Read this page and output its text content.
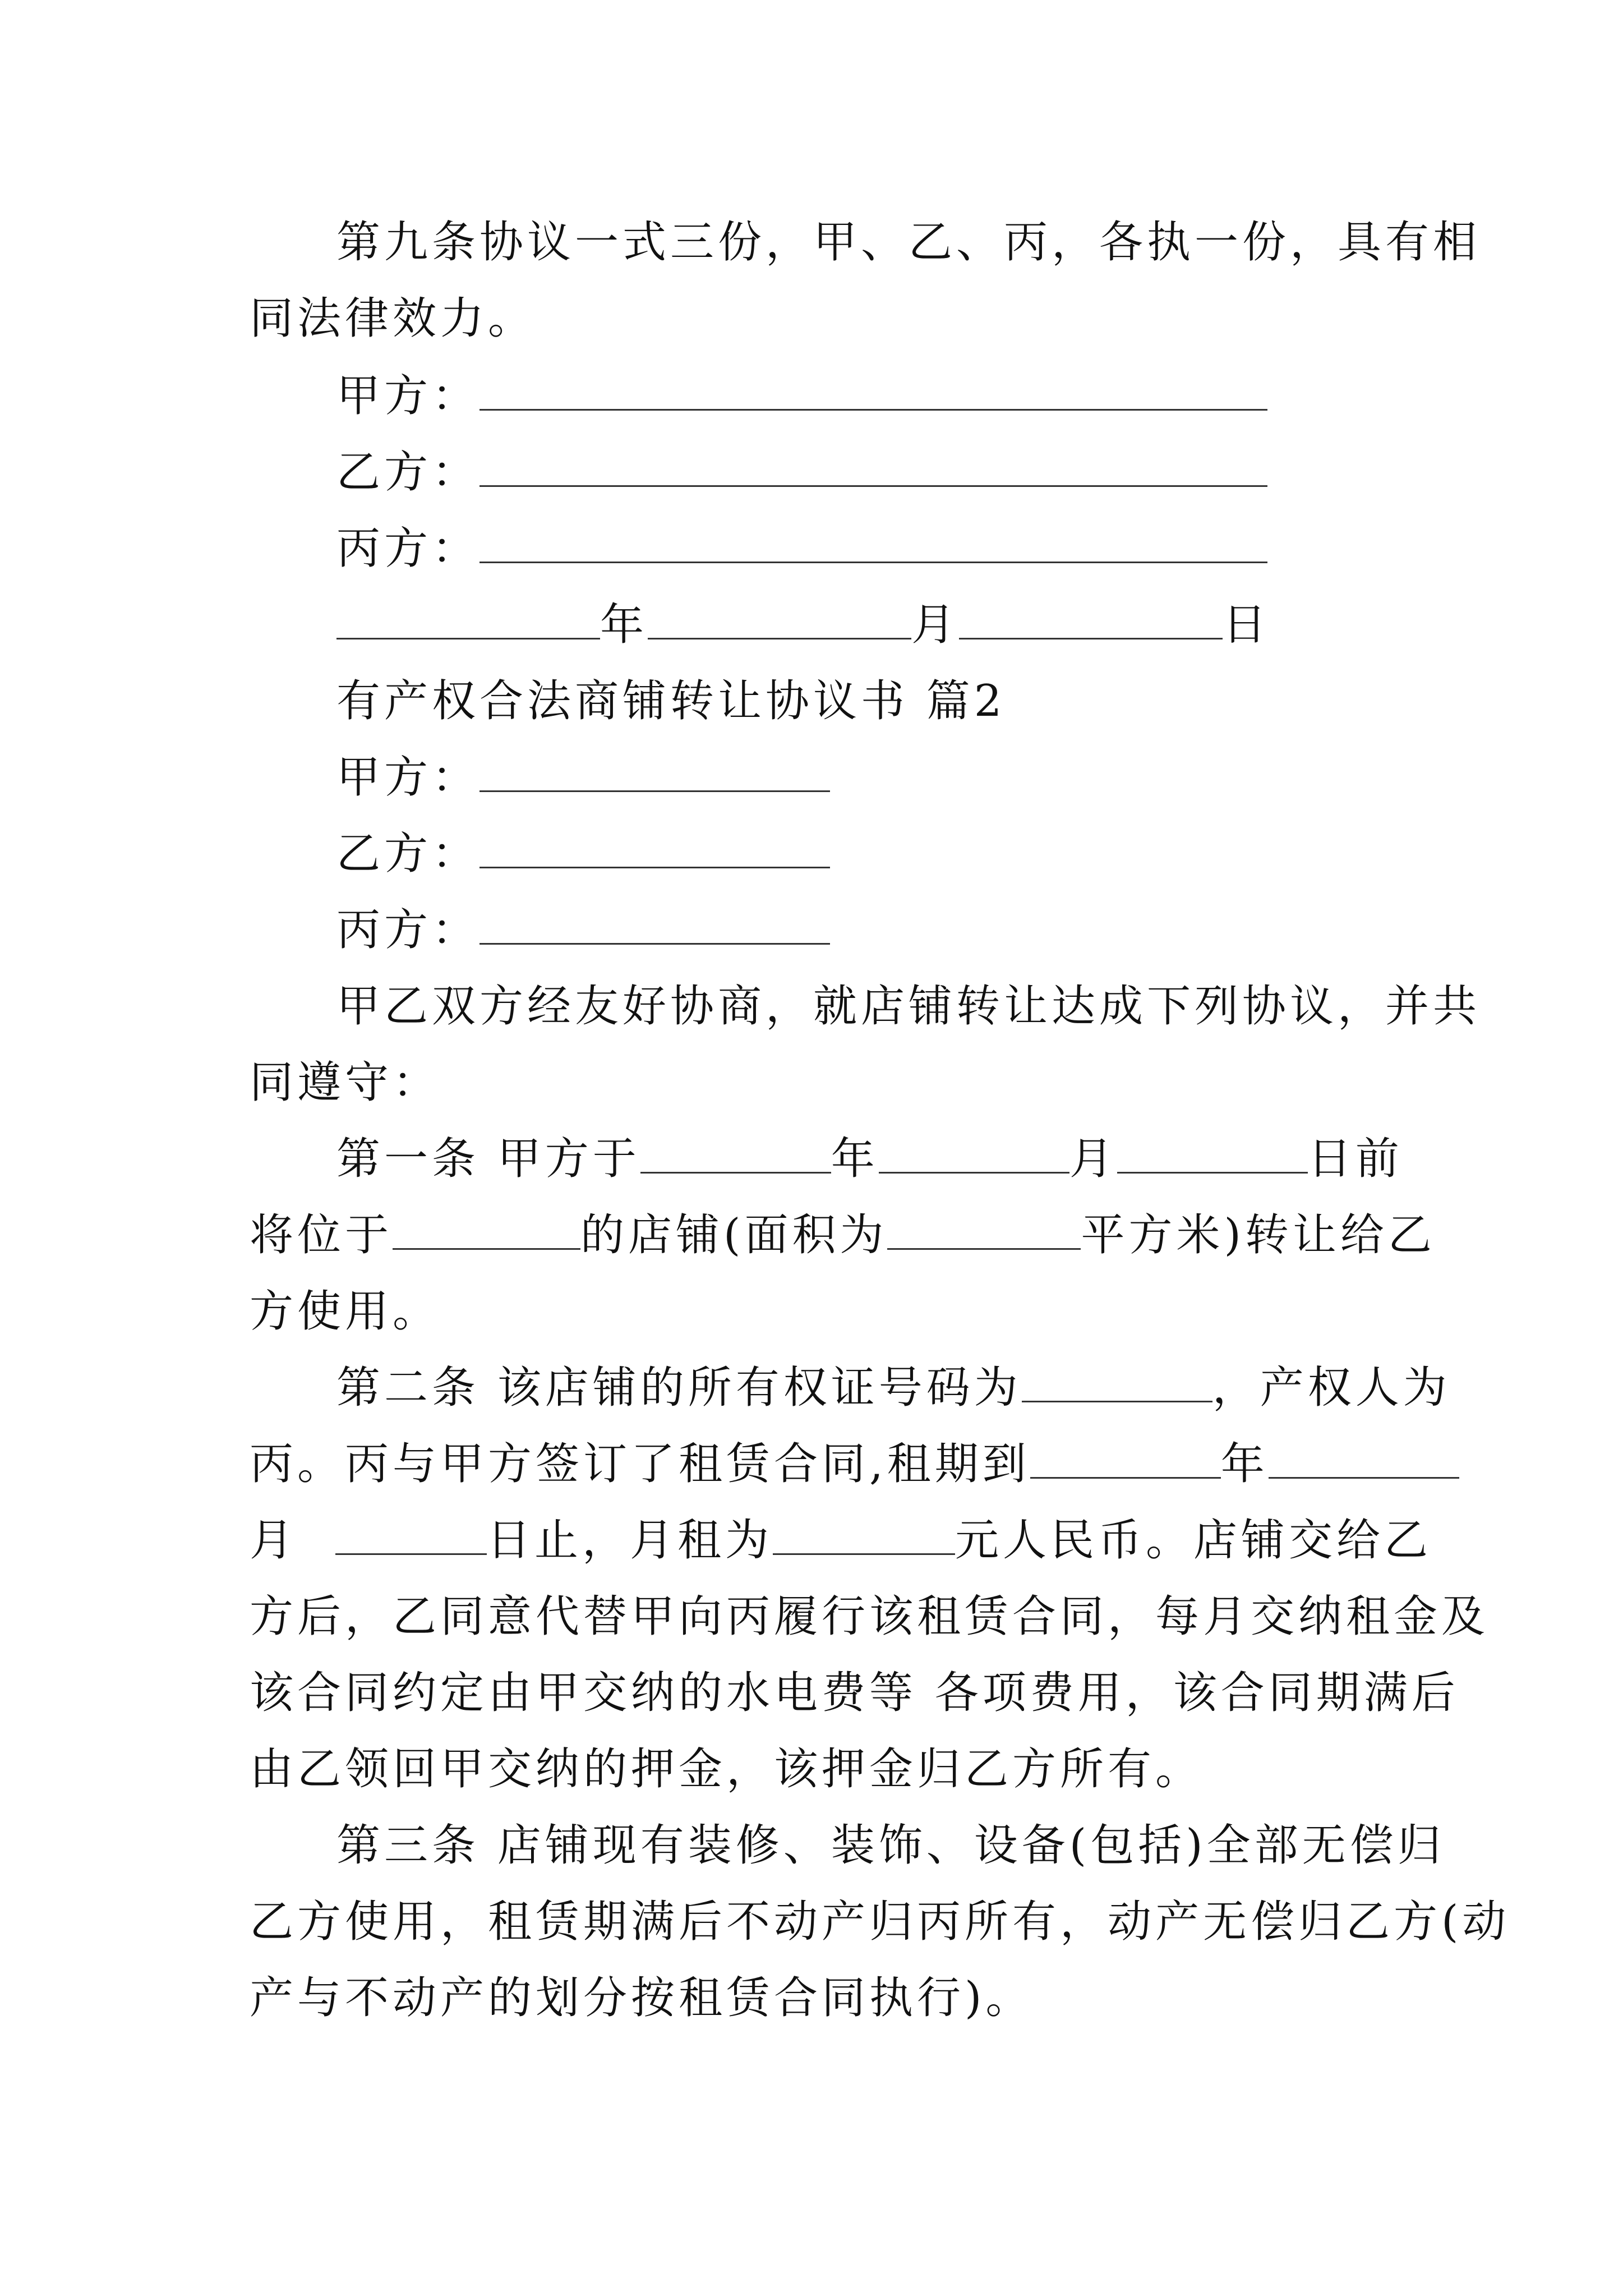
第九条协议一式三份，甲、乙、丙，各执一份，具有相
同法律效力。
甲方：
乙方：
丙方：
年	月	日
有产权合法商铺转让协议书 篇2
甲方：
乙方：
丙方：
甲乙双方经友好协商，就店铺转让达成下列协议，并共
同遵守：
第一条 甲方于	年	月	日前
将位于	的店铺(面积为	平方米)转让给乙
方使用。
第二条 该店铺的所有权证号码为	，产权人为
丙。丙与甲方签订了租赁合同,租期到	年
月	日止，月租为	元人民币。店铺交给乙
方后，乙同意代替甲向丙履行该租赁合同，每月交纳租金及
该合同约定由甲交纳的水电费等 各项费用，该合同期满后
由乙领回甲交纳的押金，该押金归乙方所有。
第三条 店铺现有装修、装饰、设备(包括)全部无偿归
乙方使用，租赁期满后不动产归丙所有，动产无偿归乙方(动
产与不动产的划分按租赁合同执行)。
